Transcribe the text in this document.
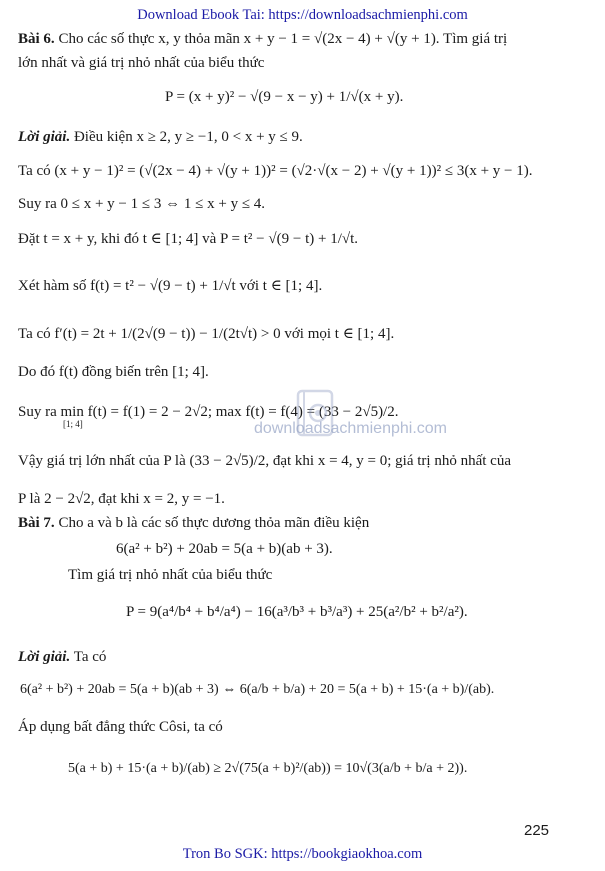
Download Ebook Tai: https://downloadsachmienphi.com
Bài 6. Cho các số thực x, y thỏa mãn x + y − 1 = √(2x − 4) + √(y + 1). Tìm giá trị
lớn nhất và giá trị nhỏ nhất của biểu thức
P = (x + y)² − √(9 − x − y) + 1/√(x + y).
Lời giải. Điều kiện x ≥ 2, y ≥ −1, 0 < x + y ≤ 9.
Ta có (x + y − 1)² = (√(2x − 4) + √(y + 1))² = (√2·√(x − 2) + √(y + 1))² ≤ 3(x + y − 1).
Suy ra 0 ≤ x + y − 1 ≤ 3 ⇔ 1 ≤ x + y ≤ 4.
Đặt t = x + y, khi đó t ∈ [1; 4] và P = t² − √(9 − t) + 1/√t.
Xét hàm số f(t) = t² − √(9 − t) + 1/√t với t ∈ [1; 4].
Ta có f′(t) = 2t + 1/(2√(9 − t)) − 1/(2t√t) > 0 với mọi t ∈ [1; 4].
Do đó f(t) đồng biến trên [1; 4].
Suy ra min f(t) = f(1) = 2 − 2√2; max f(t) = f(4) = (33 − 2√5)/2.
[1; 4]
Vậy giá trị lớn nhất của P là (33 − 2√5)/2, đạt khi x = 4, y = 0; giá trị nhỏ nhất của
P là 2 − 2√2, đạt khi x = 2, y = −1.
Bài 7. Cho a và b là các số thực dương thỏa mãn điều kiện
6(a² + b²) + 20ab = 5(a + b)(ab + 3).
Tìm giá trị nhỏ nhất của biểu thức
P = 9(a⁴/b⁴ + b⁴/a⁴) − 16(a³/b³ + b³/a³) + 25(a²/b² + b²/a²).
Lời giải. Ta có
6(a² + b²) + 20ab = 5(a + b)(ab + 3) ⇔ 6(a/b + b/a) + 20 = 5(a + b) + 15·(a + b)/(ab).
Áp dụng bất đẳng thức Côsi, ta có
5(a + b) + 15·(a + b)/(ab) ≥ 2√(75(a + b)²/(ab)) = 10√(3(a/b + b/a + 2)).
downloadsachmienphi.com
225
Tron Bo SGK: https://bookgiaokhoa.com
